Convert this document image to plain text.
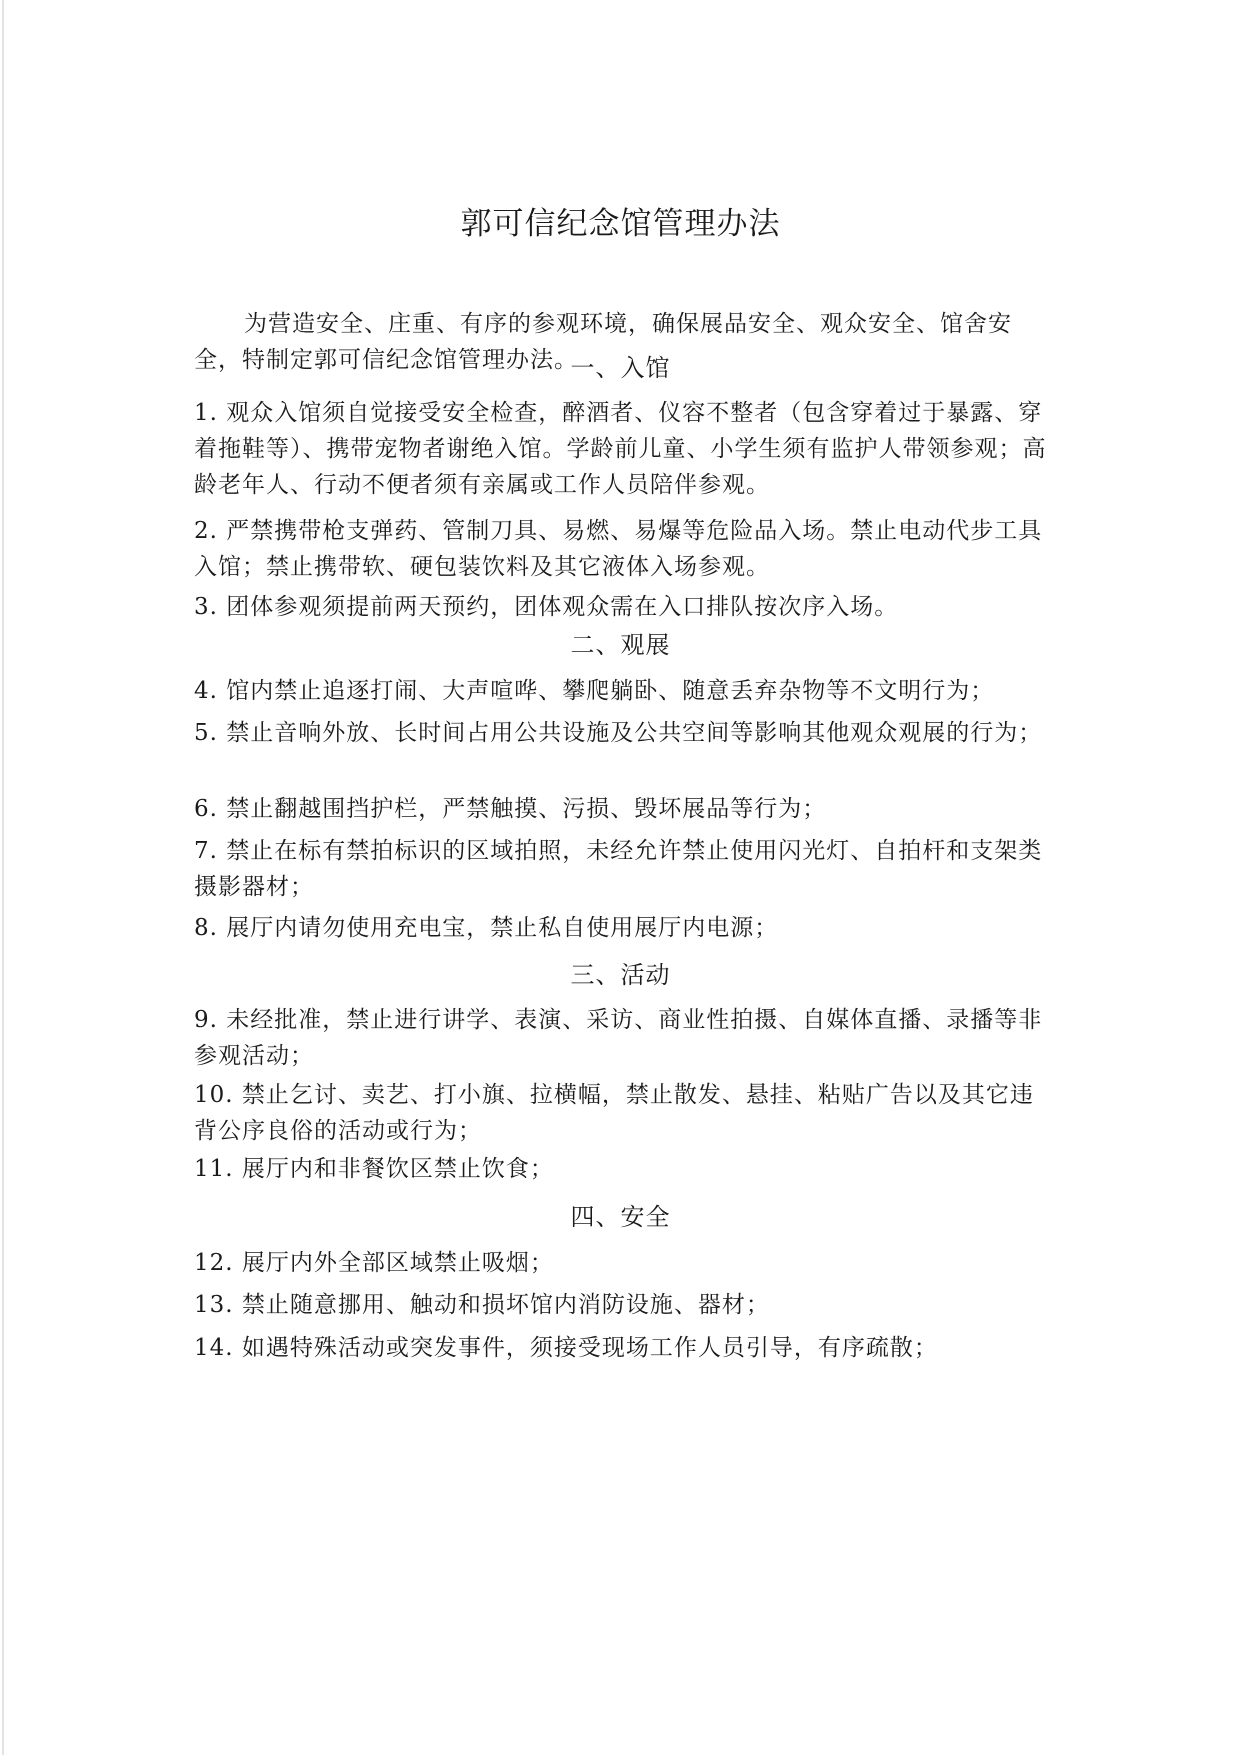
郭可信纪念馆管理办法

为营造安全、庄重、有序的参观环境，确保展品安全、观众安全、馆舍安全，特制定郭可信纪念馆管理办法。

一、入馆

1. 观众入馆须自觉接受安全检查，醉酒者、仪容不整者（包含穿着过于暴露、穿着拖鞋等）、携带宠物者谢绝入馆。学龄前儿童、小学生须有监护人带领参观；高龄老年人、行动不便者须有亲属或工作人员陪伴参观。

2. 严禁携带枪支弹药、管制刀具、易燃、易爆等危险品入场。禁止电动代步工具入馆；禁止携带软、硬包装饮料及其它液体入场参观。

3. 团体参观须提前两天预约，团体观众需在入口排队按次序入场。

二、观展

4. 馆内禁止追逐打闹、大声喧哗、攀爬躺卧、随意丢弃杂物等不文明行为；

5. 禁止音响外放、长时间占用公共设施及公共空间等影响其他观众观展的行为；

6. 禁止翻越围挡护栏，严禁触摸、污损、毁坏展品等行为；

7. 禁止在标有禁拍标识的区域拍照，未经允许禁止使用闪光灯、自拍杆和支架类摄影器材；

8. 展厅内请勿使用充电宝，禁止私自使用展厅内电源；

三、活动

9. 未经批准，禁止进行讲学、表演、采访、商业性拍摄、自媒体直播、录播等非参观活动；

10. 禁止乞讨、卖艺、打小旗、拉横幅，禁止散发、悬挂、粘贴广告以及其它违背公序良俗的活动或行为；

11. 展厅内和非餐饮区禁止饮食；

四、安全

12. 展厅内外全部区域禁止吸烟；

13. 禁止随意挪用、触动和损坏馆内消防设施、器材；

14. 如遇特殊活动或突发事件，须接受现场工作人员引导，有序疏散；
